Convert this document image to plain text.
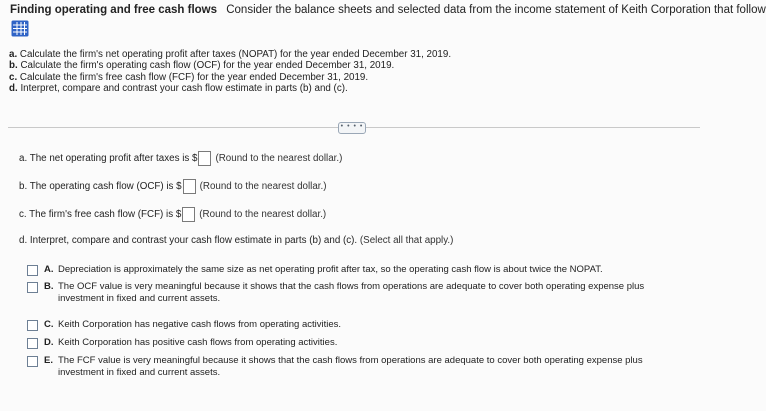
Finding operating and free cash flows Consider the balance sheets and selected data from the income statement of Keith Corporation that follow
a. Calculate the firm's net operating profit after taxes (NOPAT) for the year ended December 31, 2019.
b. Calculate the firm's operating cash flow (OCF) for the year ended December 31, 2019.
c. Calculate the firm's free cash flow (FCF) for the year ended December 31, 2019.
d. Interpret, compare and contrast your cash flow estimate in parts (b) and (c).
• • • •
a. The net operating profit after taxes is $ (Round to the nearest dollar.)
b. The operating cash flow (OCF) is $ (Round to the nearest dollar.)
c. The firm's free cash flow (FCF) is $ (Round to the nearest dollar.)
d. Interpret, compare and contrast your cash flow estimate in parts (b) and (c).
(Select all that apply.)
A. Depreciation is approximately the same size as net operating profit after tax, so the operating cash flow is about twice the NOPAT.
B. The OCF value is very meaningful because it shows that the cash flows from operations are adequate to cover both operating expense plus investment in fixed and current assets.
C. Keith Corporation has negative cash flows from operating activities.
D. Keith Corporation has positive cash flows from operating activities.
E. The FCF value is very meaningful because it shows that the cash flows from operations are adequate to cover both operating expense plus investment in fixed and current assets.
